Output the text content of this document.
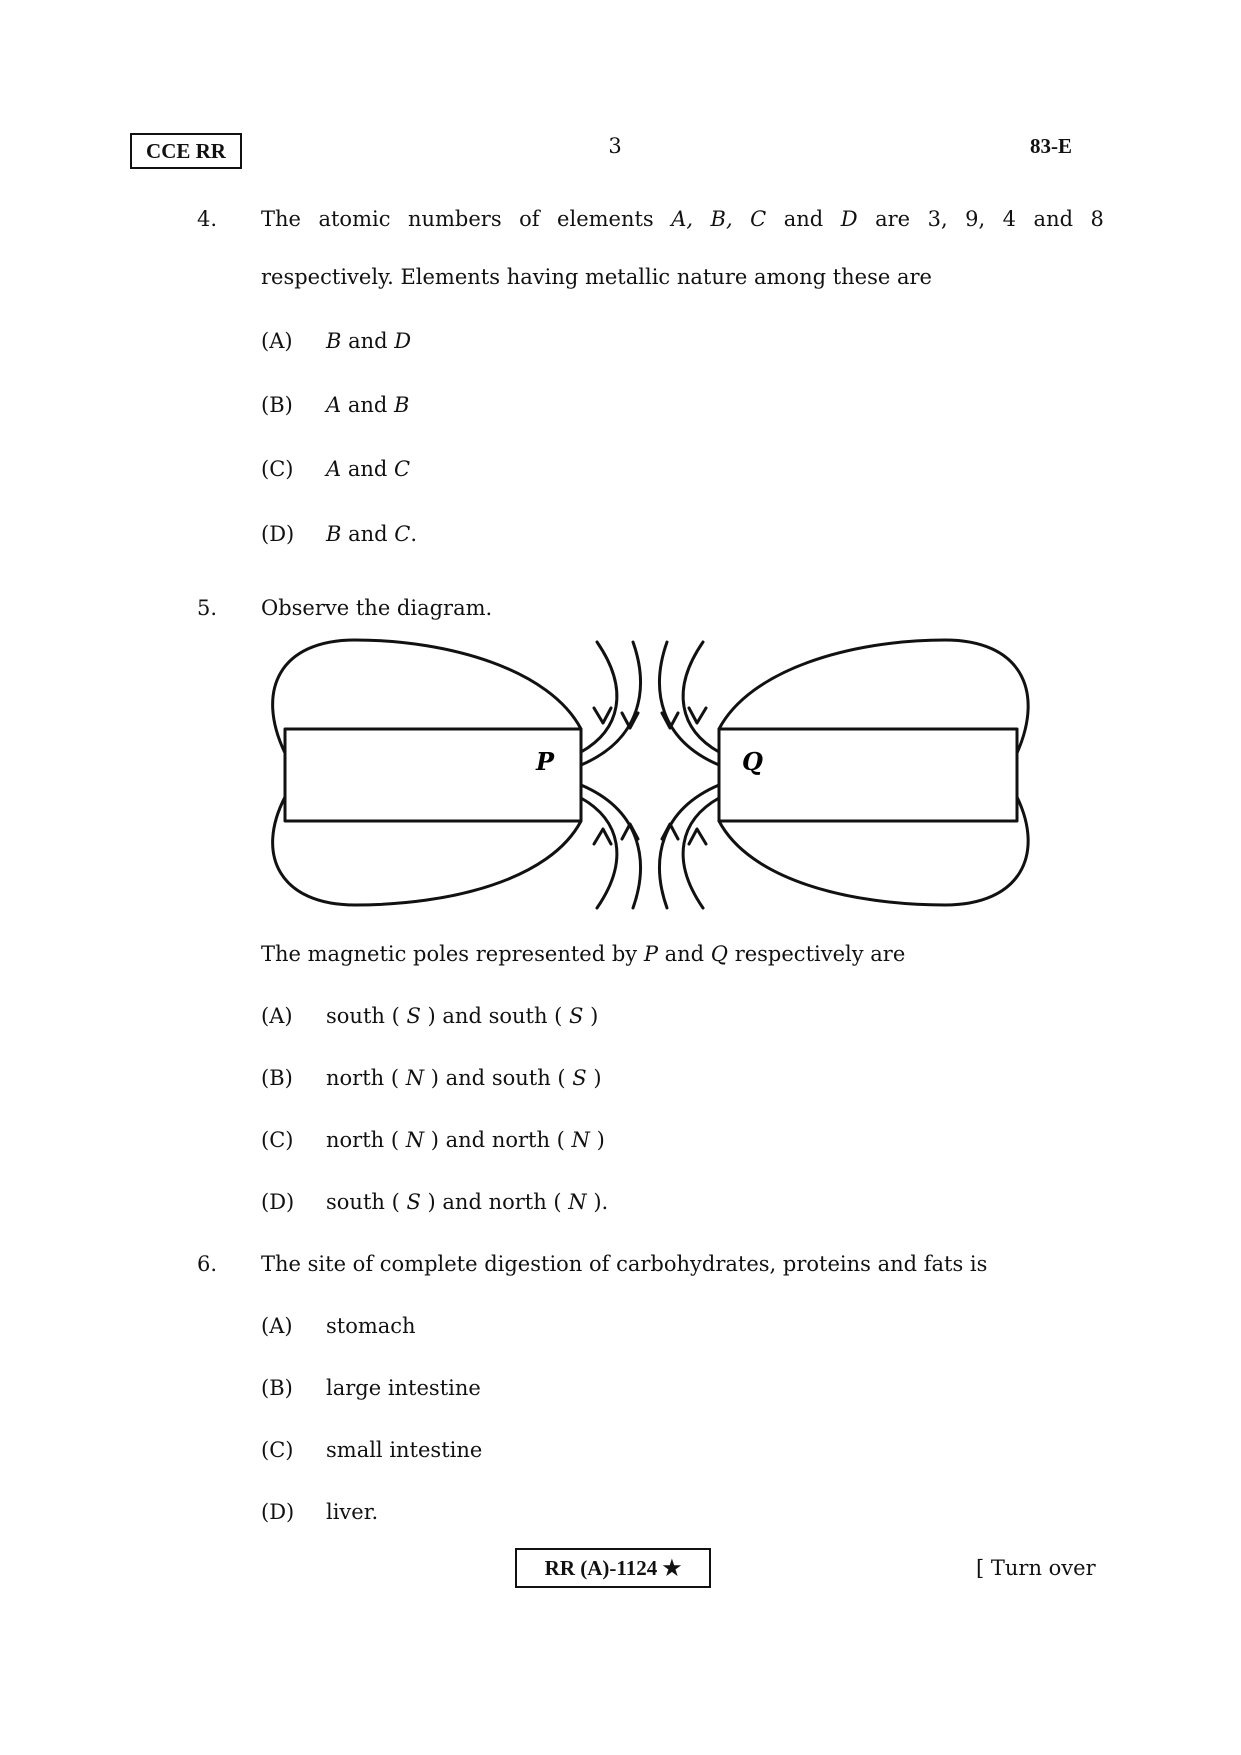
CCE RR	3	83-E
4. The atomic numbers of elements A, B, C and D are 3, 9, 4 and 8
respectively. Elements having metallic nature among these are
(A) B and D
(B) A and B
(C) A and C
(D) B and C.
5. Observe the diagram.
P	Q
The magnetic poles represented by P and Q respectively are
(A) south ( S ) and south ( S )
(B) north ( N ) and south ( S )
(C) north ( N ) and north ( N )
(D) south ( S ) and north ( N ).
6. The site of complete digestion of carbohydrates, proteins and fats is
(A) stomach
(B) large intestine
(C) small intestine
(D) liver.
RR (A)-1124 ★	[ Turn over
